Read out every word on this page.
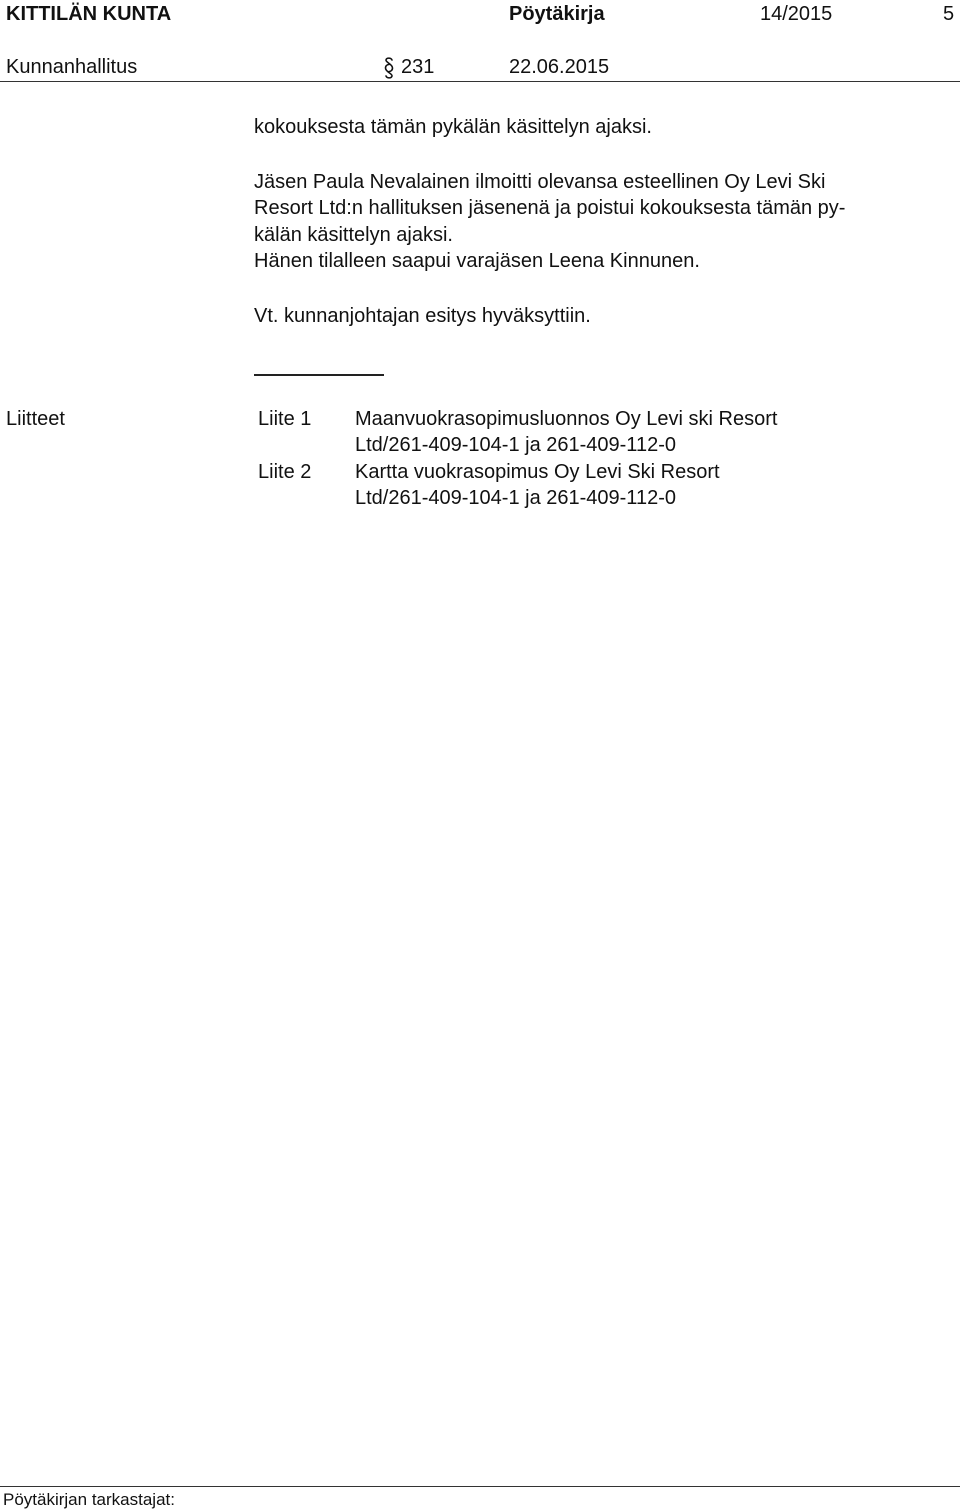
KITTILÄN KUNTA	Pöytäkirja	14/2015	5
Kunnanhallitus	231	22.06.2015

kokouksesta tämän pykälän käsittelyn ajaksi.

Jäsen Paula Nevalainen ilmoitti olevansa esteellinen Oy Levi Ski

Resort Ltd:n hallituksen jäsenenä ja poistui kokouksesta tämän py-

kälän käsittelyn ajaksi.

Hänen tilalleen saapui varajäsen Leena Kinnunen.

Vt. kunnanjohtajan esitys hyväksyttiin.

Liitteet	Liite 1 Maanvuokrasopimusluonnos Oy Levi ski Resort
Ltd/261-409-104-1 ja 261-409-112-0
Liite 2 Kartta vuokrasopimus Oy Levi Ski Resort
Ltd/261-409-104-1 ja 261-409-112-0
Pöytäkirjan tarkastajat:
